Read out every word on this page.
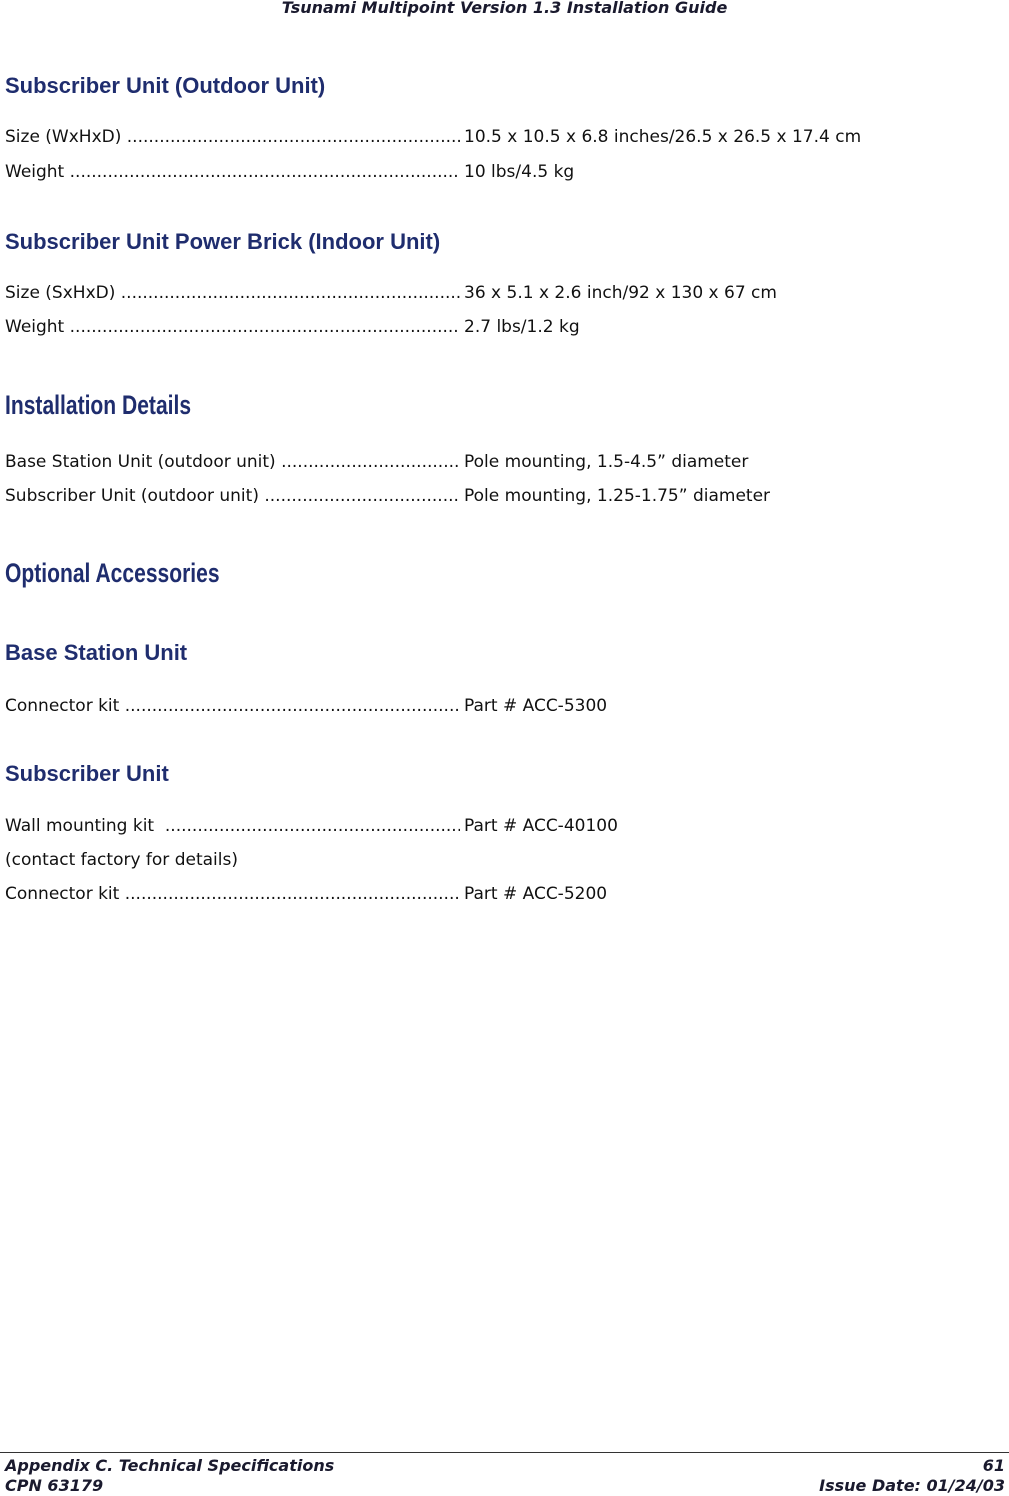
Tsunami Multipoint Version 1.3 Installation Guide
Subscriber Unit (Outdoor Unit)
Size (WxHxD) .....	10.5 x 10.5 x 6.8 inches/26.5 x 26.5 x 17.4 cm
Weight .....	10 lbs/4.5 kg
Subscriber Unit Power Brick (Indoor Unit)
Size (SxHxD) .....	36 x 5.1 x 2.6 inch/92 x 130 x 67 cm
Weight .....	2.7 lbs/1.2 kg
Installation Details
Base Station Unit (outdoor unit) .....	Pole mounting, 1.5-4.5” diameter
Subscriber Unit (outdoor unit) .....	Pole mounting, 1.25-1.75” diameter
Optional Accessories
Base Station Unit
Connector kit .....	Part # ACC-5300
Subscriber Unit
Wall mounting kit .....	Part # ACC-40100
(contact factory for details)
Connector kit .....	Part # ACC-5200
Appendix C. Technical Specifications	61
CPN 63179	Issue Date: 01/24/03
